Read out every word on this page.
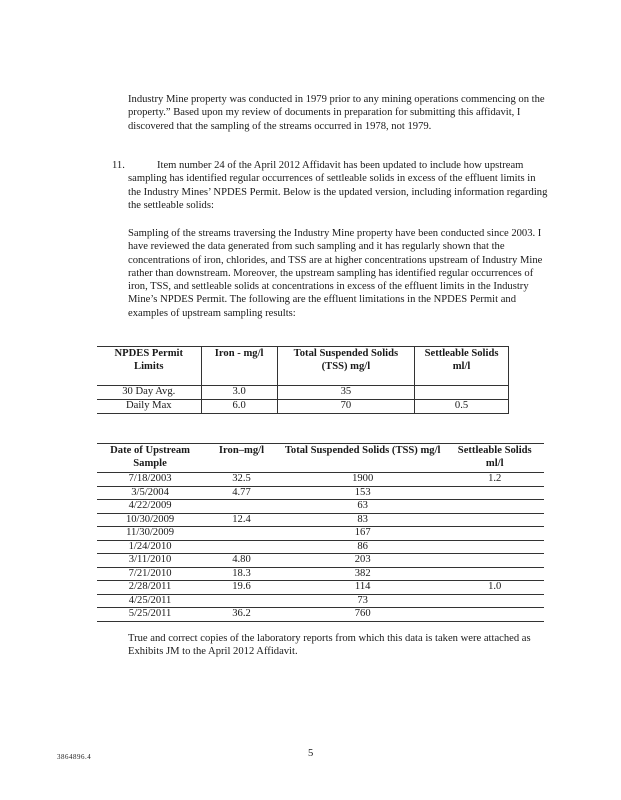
Industry Mine property was conducted in 1979 prior to any mining operations commencing on the property.” Based upon my review of documents in preparation for submitting this affidavit, I discovered that the sampling of the streams occurred in 1978, not 1979.

11.	Item number 24 of the April 2012 Affidavit has been updated to include how upstream sampling has identified regular occurrences of settleable solids in excess of the effluent limits in the Industry Mines’ NPDES Permit. Below is the updated version, including information regarding the settleable solids:

Sampling of the streams traversing the Industry Mine property have been conducted since 2003. I have reviewed the data generated from such sampling and it has regularly shown that the concentrations of iron, chlorides, and TSS are at higher concentrations upstream of Industry Mine rather than downstream. Moreover, the upstream sampling has identified regular occurrences of iron, TSS, and settleable solids at concentrations in excess of the effluent limits in the Industry Mine’s NPDES Permit. The following are the effluent limitations in the NPDES Permit and examples of upstream sampling results:

NPDES Permit Limits	Iron - mg/l	Total Suspended Solids (TSS) mg/l	Settleable Solids ml/l
30 Day Avg.	3.0	35	
Daily Max	6.0	70	0.5
Date of Upstream Sample	Iron–mg/l	Total Suspended Solids (TSS) mg/l	Settleable Solids ml/l
7/18/2003	32.5	1900	1.2
3/5/2004	4.77	153	
4/22/2009		63	
10/30/2009	12.4	83	
11/30/2009		167	
1/24/2010		86	
3/11/2010	4.80	203	
7/21/2010	18.3	382	
2/28/2011	19.6	114	1.0
4/25/2011		73	
5/25/2011	36.2	760	

True and correct copies of the laboratory reports from which this data is taken were attached as Exhibits JM to the April 2012 Affidavit.

3864896.4	5
